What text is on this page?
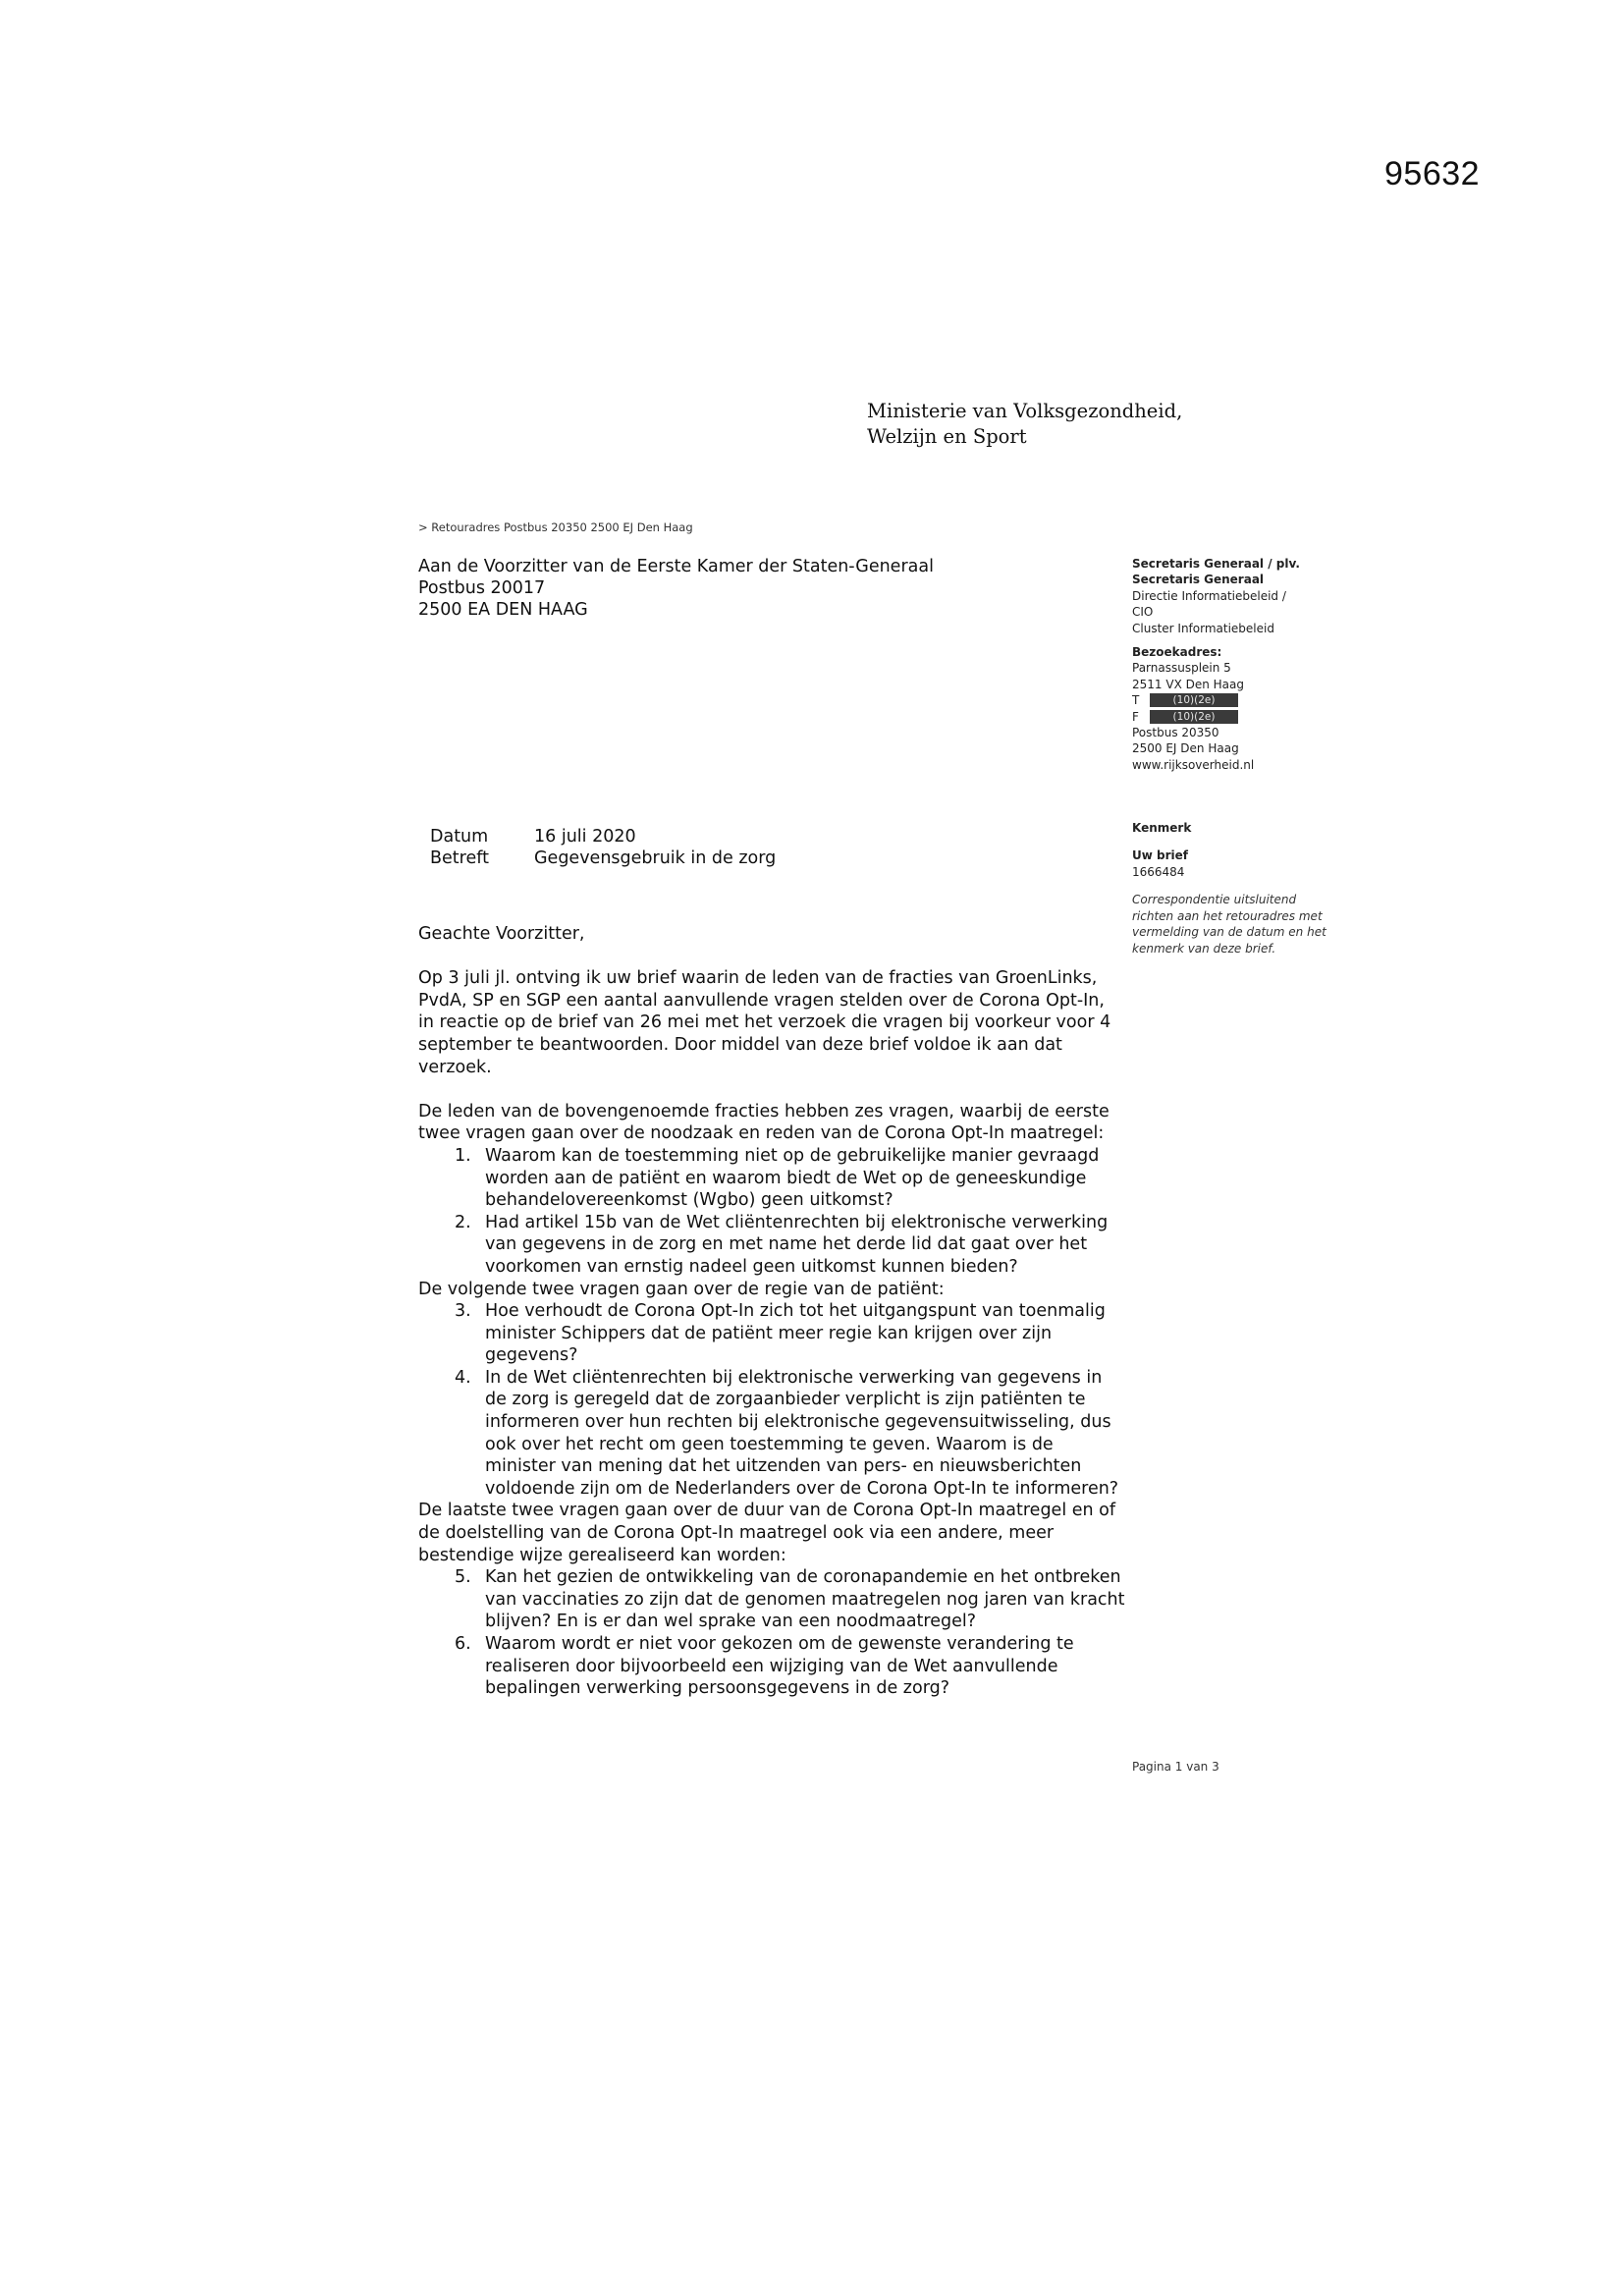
95632
Ministerie van Volksgezondheid,
Welzijn en Sport
> Retouradres Postbus 20350 2500 EJ Den Haag
Aan de Voorzitter van de Eerste Kamer der Staten-Generaal
Postbus 20017
2500 EA DEN HAAG
Secretaris Generaal / plv.
Secretaris Generaal
Directie Informatiebeleid /
CIO
Cluster Informatiebeleid
Bezoekadres:
Parnassusplein 5
2511 VX Den Haag
T	(10)(2e)
F	(10)(2e)
Postbus 20350
2500 EJ Den Haag
www.rijksoverheid.nl
Kenmerk
Uw brief
1666484
Correspondentie uitsluitend richten aan het retouradres met vermelding van de datum en het kenmerk van deze brief.
Datum	16 juli 2020
Betreft	Gegevensgebruik in de zorg

Geachte Voorzitter,

Op 3 juli jl. ontving ik uw brief waarin de leden van de fracties van GroenLinks, PvdA, SP en SGP een aantal aanvullende vragen stelden over de Corona Opt-In, in reactie op de brief van 26 mei met het verzoek die vragen bij voorkeur voor 4 september te beantwoorden. Door middel van deze brief voldoe ik aan dat verzoek.

De leden van de bovengenoemde fracties hebben zes vragen, waarbij de eerste twee vragen gaan over de noodzaak en reden van de Corona Opt-In maatregel:

1. Waarom kan de toestemming niet op de gebruikelijke manier gevraagd worden aan de patiënt en waarom biedt de Wet op de geneeskundige behandelovereenkomst (Wgbo) geen uitkomst?
2. Had artikel 15b van de Wet cliëntenrechten bij elektronische verwerking van gegevens in de zorg en met name het derde lid dat gaat over het voorkomen van ernstig nadeel geen uitkomst kunnen bieden?

De volgende twee vragen gaan over de regie van de patiënt:

3. Hoe verhoudt de Corona Opt-In zich tot het uitgangspunt van toenmalig minister Schippers dat de patiënt meer regie kan krijgen over zijn gegevens?
4. In de Wet cliëntenrechten bij elektronische verwerking van gegevens in de zorg is geregeld dat de zorgaanbieder verplicht is zijn patiënten te informeren over hun rechten bij elektronische gegevensuitwisseling, dus ook over het recht om geen toestemming te geven. Waarom is de minister van mening dat het uitzenden van pers- en nieuwsberichten voldoende zijn om de Nederlanders over de Corona Opt-In te informeren?

De laatste twee vragen gaan over de duur van de Corona Opt-In maatregel en of de doelstelling van de Corona Opt-In maatregel ook via een andere, meer bestendige wijze gerealiseerd kan worden:

5. Kan het gezien de ontwikkeling van de coronapandemie en het ontbreken van vaccinaties zo zijn dat de genomen maatregelen nog jaren van kracht blijven? En is er dan wel sprake van een noodmaatregel?
6. Waarom wordt er niet voor gekozen om de gewenste verandering te realiseren door bijvoorbeeld een wijziging van de Wet aanvullende bepalingen verwerking persoonsgegevens in de zorg?
Pagina 1 van 3
